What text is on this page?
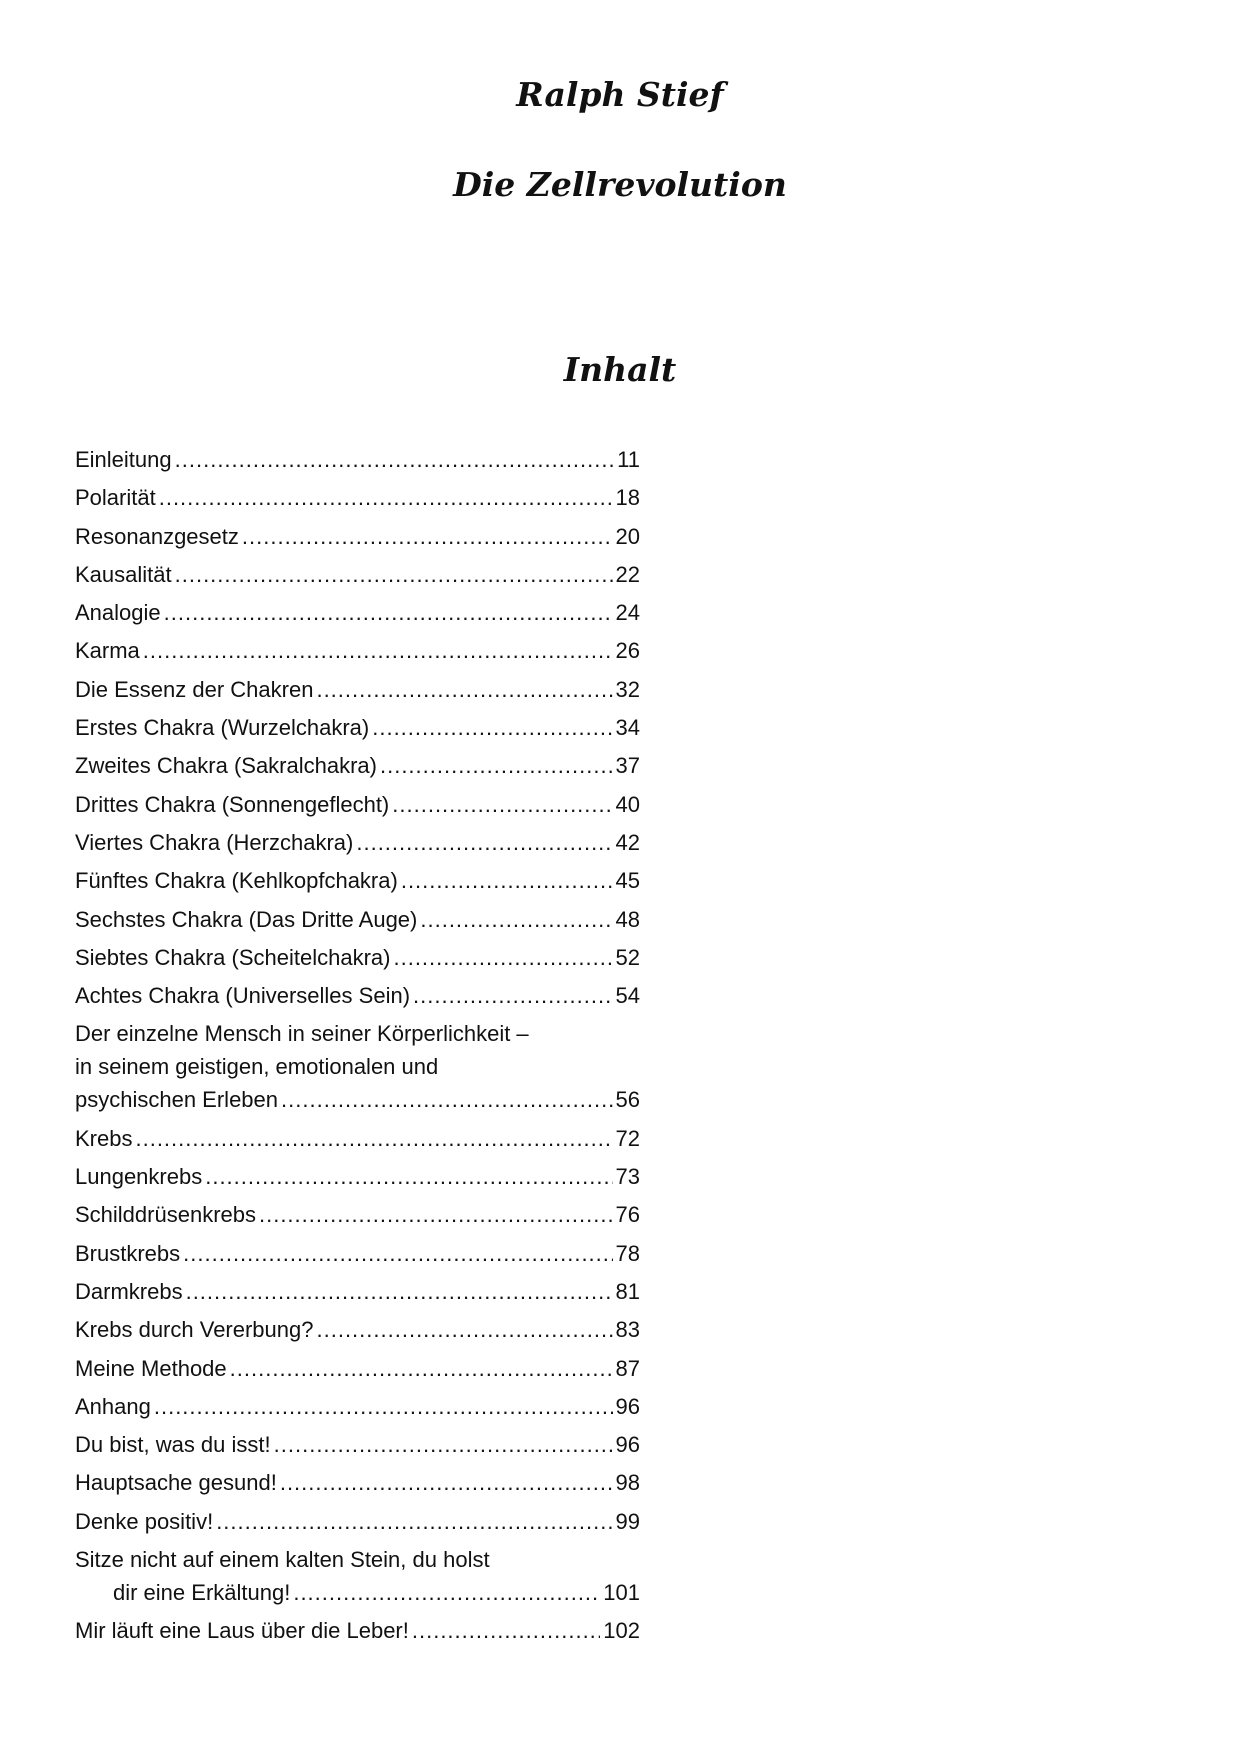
Ralph Stief
Die Zellrevolution
Inhalt
Einleitung .....	11
Polarität .....	18
Resonanzgesetz .....	20
Kausalität .....	22
Analogie .....	24
Karma .....	26
Die Essenz der Chakren .....	32
Erstes Chakra (Wurzelchakra) .....	34
Zweites Chakra (Sakralchakra) .....	37
Drittes Chakra (Sonnengeflecht) .....	40
Viertes Chakra (Herzchakra) .....	42
Fünftes Chakra (Kehlkopfchakra) .....	45
Sechstes Chakra (Das Dritte Auge) .....	48
Siebtes Chakra (Scheitelchakra) .....	52
Achtes Chakra (Universelles Sein) .....	54
Der einzelne Mensch in seiner Körperlichkeit –
in seinem geistigen, emotionalen und
psychischen Erleben .....	56
Krebs .....	72
Lungenkrebs .....	73
Schilddrüsenkrebs .....	76
Brustkrebs .....	78
Darmkrebs .....	81
Krebs durch Vererbung? .....	83
Meine Methode .....	87
Anhang .....	96
Du bist, was du isst! .....	96
Hauptsache gesund! .....	98
Denke positiv! .....	99
Sitze nicht auf einem kalten Stein, du holst
dir eine Erkältung! .....	101
Mir läuft eine Laus über die Leber! .....	102
